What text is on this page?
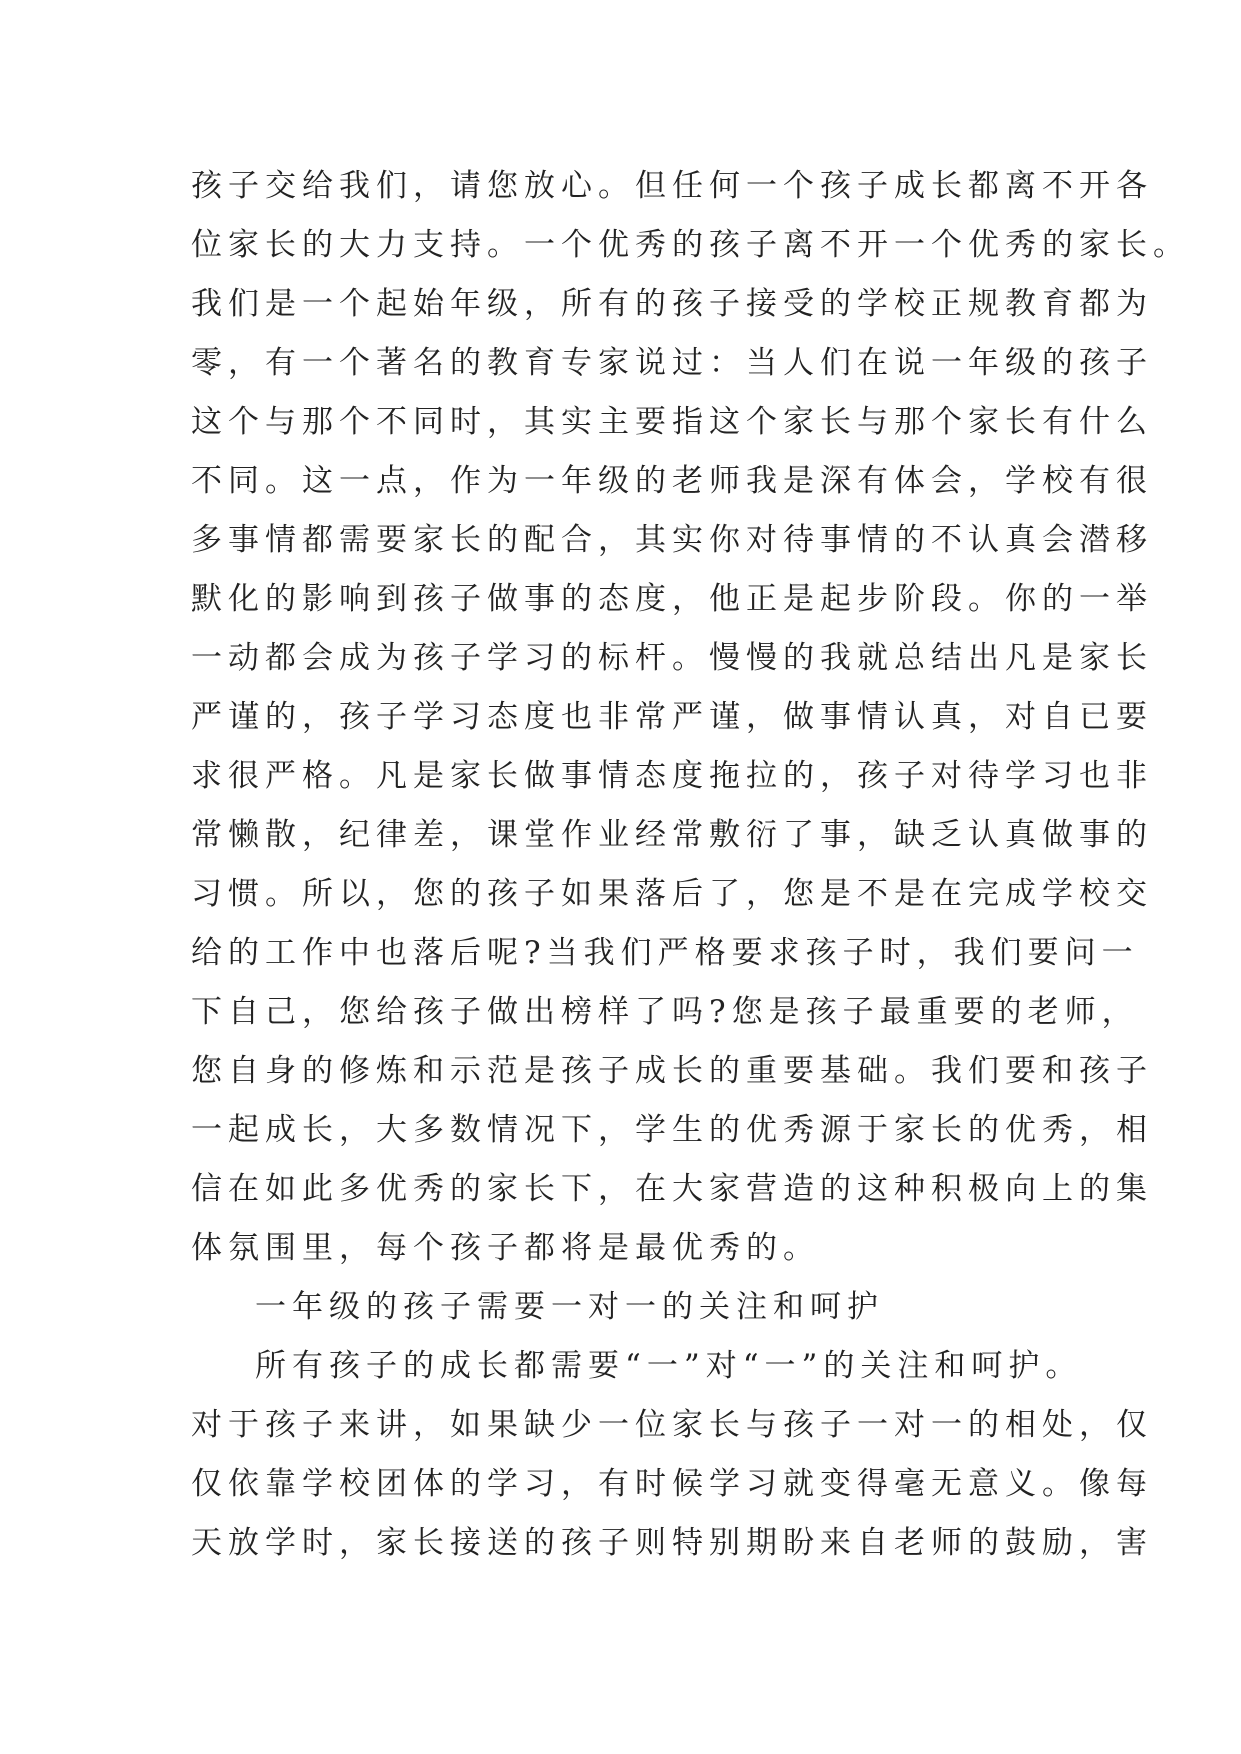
孩子交给我们，请您放心。但任何一个孩子成长都离不开各

位家长的大力支持。一个优秀的孩子离不开一个优秀的家长。

我们是一个起始年级，所有的孩子接受的学校正规教育都为

零，有一个著名的教育专家说过：当人们在说一年级的孩子

这个与那个不同时，其实主要指这个家长与那个家长有什么

不同。这一点，作为一年级的老师我是深有体会，学校有很

多事情都需要家长的配合，其实你对待事情的不认真会潜移

默化的影响到孩子做事的态度，他正是起步阶段。你的一举

一动都会成为孩子学习的标杆。慢慢的我就总结出凡是家长

严谨的，孩子学习态度也非常严谨，做事情认真，对自已要

求很严格。凡是家长做事情态度拖拉的，孩子对待学习也非

常懒散，纪律差，课堂作业经常敷衍了事，缺乏认真做事的

习惯。所以，您的孩子如果落后了，您是不是在完成学校交

给的工作中也落后呢?当我们严格要求孩子时，我们要问一

下自己，您给孩子做出榜样了吗?您是孩子最重要的老师，

您自身的修炼和示范是孩子成长的重要基础。我们要和孩子

一起成长，大多数情况下，学生的优秀源于家长的优秀，相

信在如此多优秀的家长下，在大家营造的这种积极向上的集

体氛围里，每个孩子都将是最优秀的。

一年级的孩子需要一对一的关注和呵护

所有孩子的成长都需要“一”对“一”的关注和呵护。

对于孩子来讲，如果缺少一位家长与孩子一对一的相处，仅

仅依靠学校团体的学习，有时候学习就变得毫无意义。像每

天放学时，家长接送的孩子则特别期盼来自老师的鼓励，害
